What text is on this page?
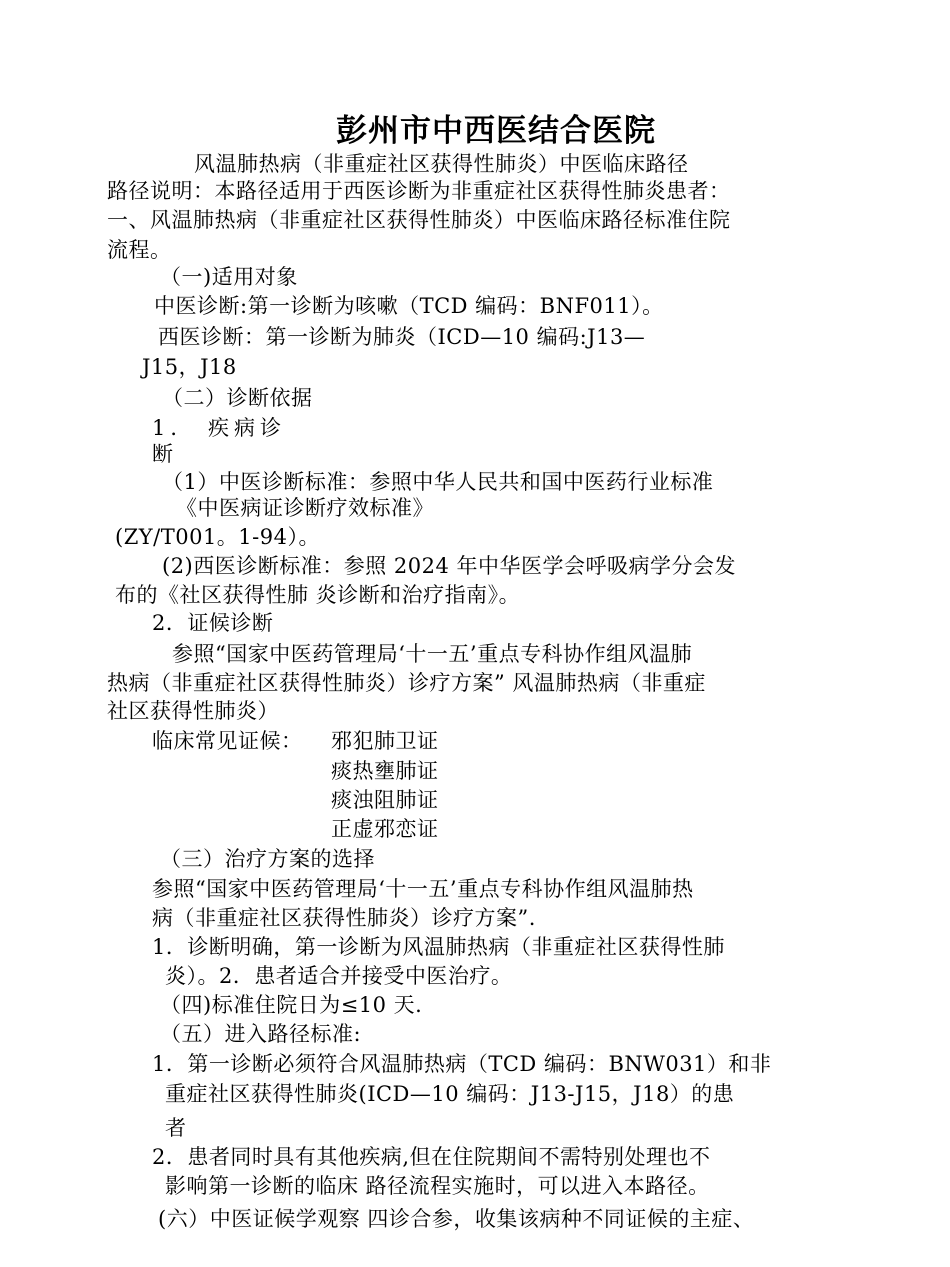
彭州市中西医结合医院
风温肺热病（非重症社区获得性肺炎）中医临床路径
路径说明：本路径适用于西医诊断为非重症社区获得性肺炎患者：
一、风温肺热病（非重症社区获得性肺炎）中医临床路径标准住院
流程。
（一)适用对象
中医诊断:第一诊断为咳嗽（TCD 编码：BNF011）。
西医诊断：第一诊断为肺炎（ICD—10 编码:J13—
J15，J18
（二）诊断依据
1． 疾病诊
断
（1）中医诊断标准：参照中华人民共和国中医药行业标准
《中医病证诊断疗效标准》
(ZY/T001。1-94）。
(2)西医诊断标准：参照 2024 年中华医学会呼吸病学分会发
布的《社区获得性肺 炎诊断和治疗指南》。
2．证候诊断
参照“国家中医药管理局‘十一五’重点专科协作组风温肺
热病（非重症社区获得性肺炎）诊疗方案” 风温肺热病（非重症
社区获得性肺炎）
临床常见证候： 邪犯肺卫证
痰热壅肺证
痰浊阻肺证
正虚邪恋证
（三）治疗方案的选择
参照“国家中医药管理局‘十一五’重点专科协作组风温肺热
病（非重症社区获得性肺炎）诊疗方案”.
1．诊断明确，第一诊断为风温肺热病（非重症社区获得性肺
炎）。2．患者适合并接受中医治疗。
（四)标准住院日为≤10 天.
（五）进入路径标准:
1．第一诊断必须符合风温肺热病（TCD 编码：BNW031）和非
重症社区获得性肺炎(ICD—10 编码：J13-J15，J18）的患
者
2．患者同时具有其他疾病,但在住院期间不需特别处理也不
影响第一诊断的临床 路径流程实施时，可以进入本路径。
(六）中医证候学观察 四诊合参，收集该病种不同证候的主症、
